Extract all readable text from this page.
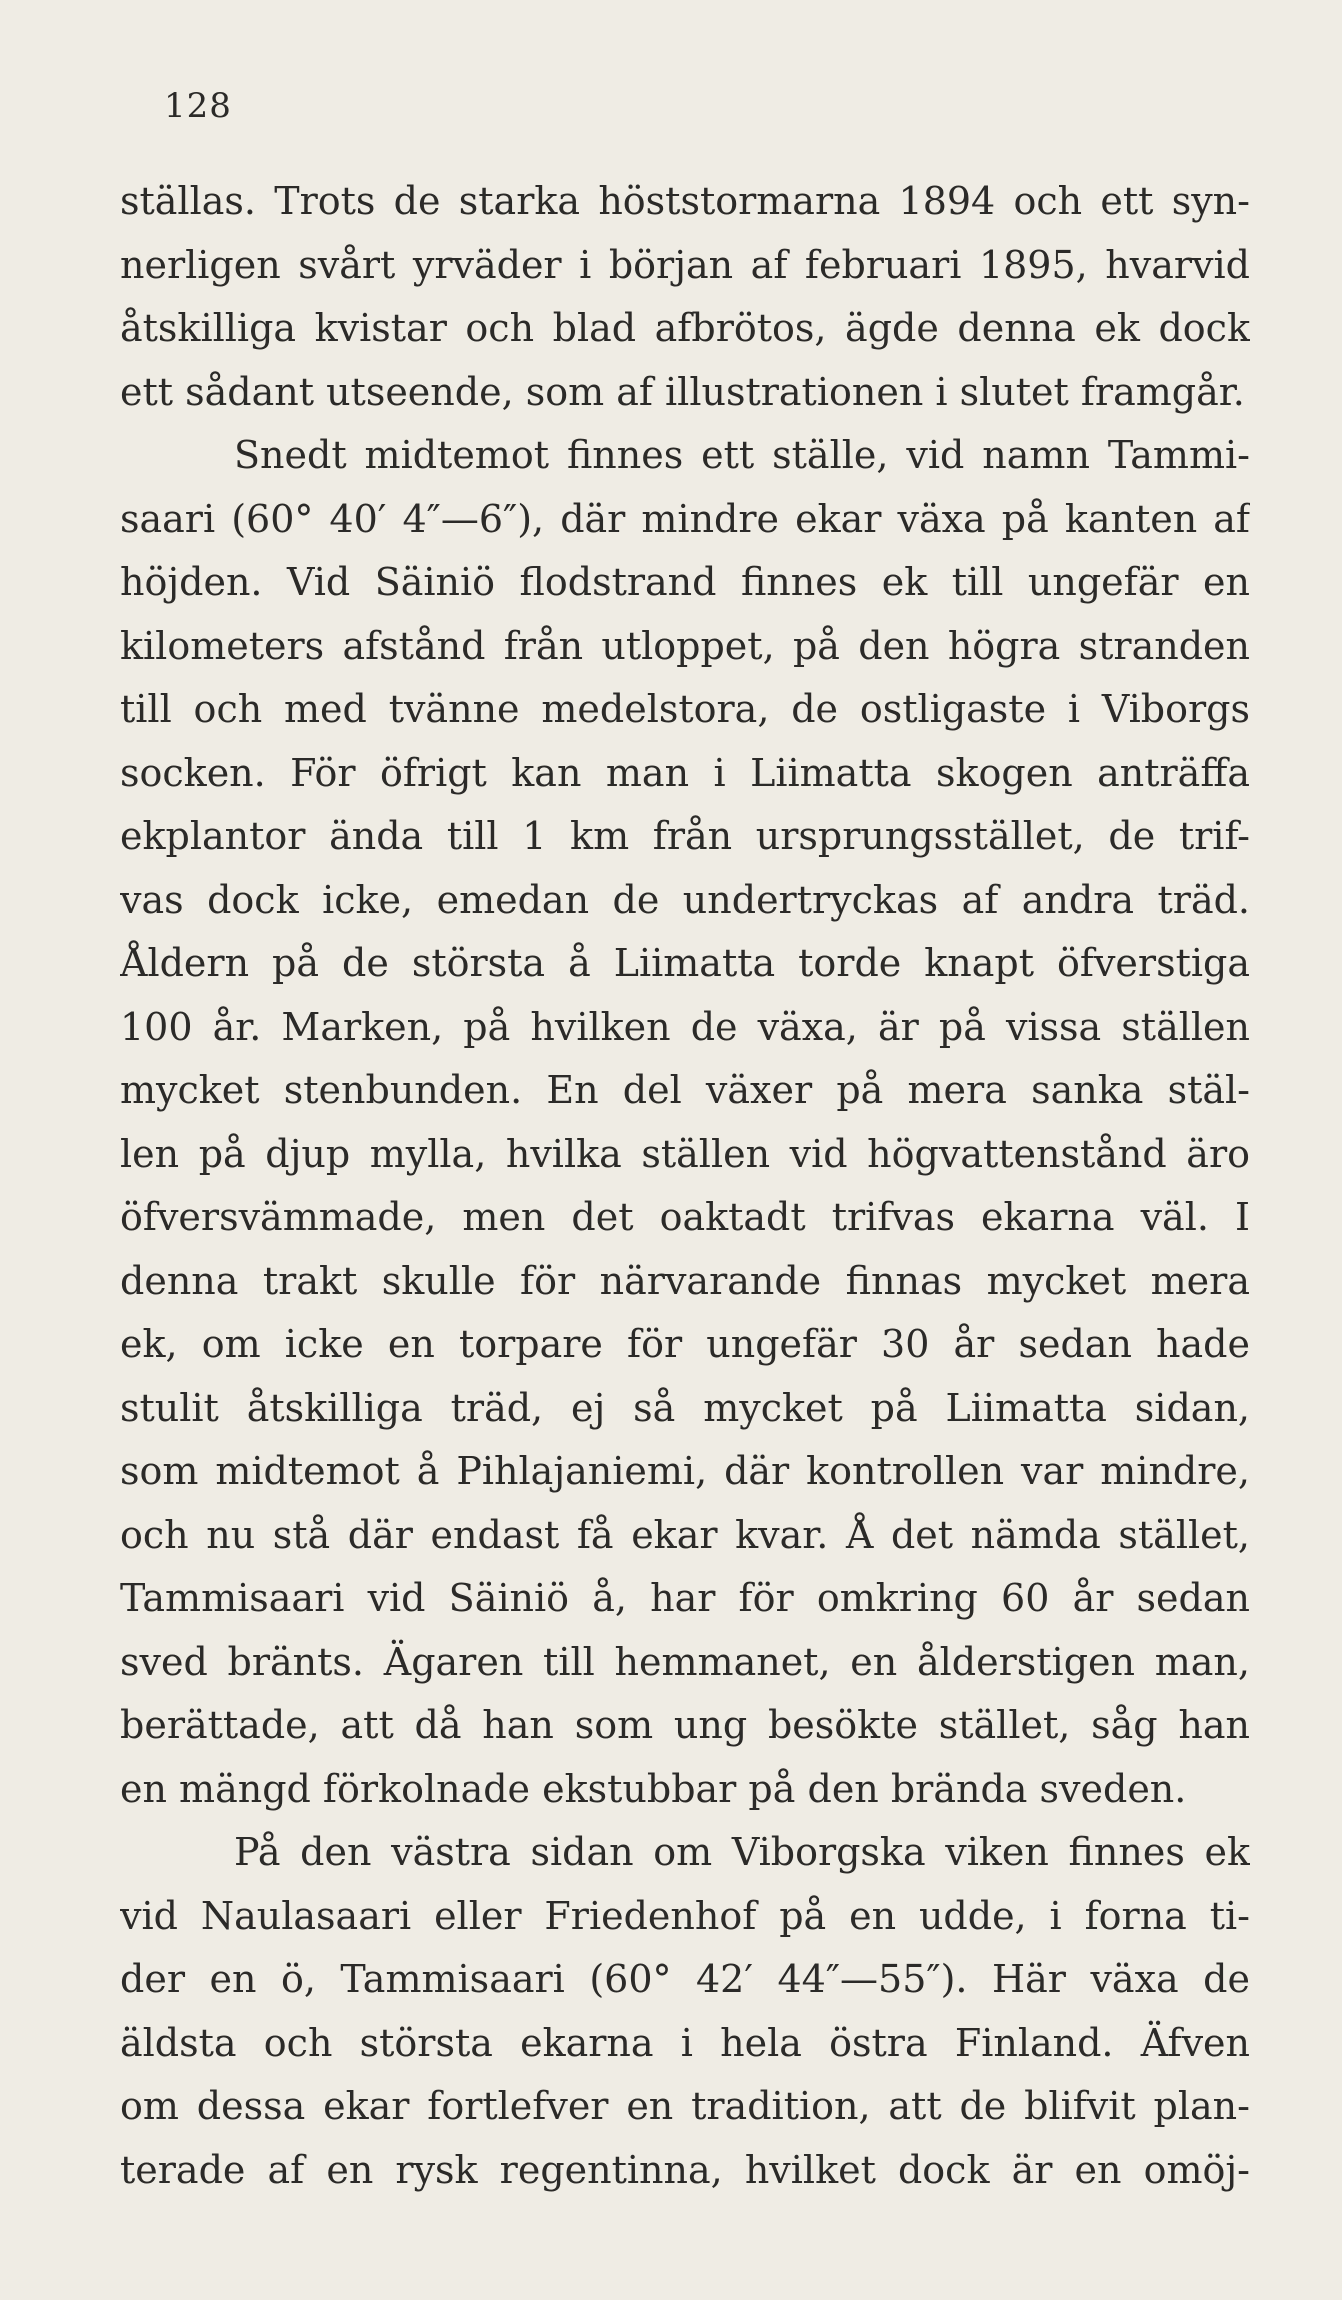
128
ställas. Trots de starka höststormarna 1894 och ett syn-
nerligen svårt yrväder i början af februari 1895, hvarvid
åtskilliga kvistar och blad afbrötos, ägde denna ek dock
ett sådant utseende, som af illustrationen i slutet framgår.
Snedt midtemot finnes ett ställe, vid namn Tammi-
saari (60° 40′ 4″—6″), där mindre ekar växa på kanten af
höjden. Vid Säiniö flodstrand finnes ek till ungefär en
kilometers afstånd från utloppet, på den högra stranden
till och med tvänne medelstora, de ostligaste i Viborgs
socken. För öfrigt kan man i Liimatta skogen anträffa
ekplantor ända till 1 km från ursprungsstället, de trif-
vas dock icke, emedan de undertryckas af andra träd.
Åldern på de största å Liimatta torde knapt öfverstiga
100 år. Marken, på hvilken de växa, är på vissa ställen
mycket stenbunden. En del växer på mera sanka stäl-
len på djup mylla, hvilka ställen vid högvattenstånd äro
öfversvämmade, men det oaktadt trifvas ekarna väl. I
denna trakt skulle för närvarande finnas mycket mera
ek, om icke en torpare för ungefär 30 år sedan hade
stulit åtskilliga träd, ej så mycket på Liimatta sidan,
som midtemot å Pihlajaniemi, där kontrollen var mindre,
och nu stå där endast få ekar kvar. Å det nämda stället,
Tammisaari vid Säiniö å, har för omkring 60 år sedan
sved bränts. Ägaren till hemmanet, en ålderstigen man,
berättade, att då han som ung besökte stället, såg han
en mängd förkolnade ekstubbar på den brända sveden.
På den västra sidan om Viborgska viken finnes ek
vid Naulasaari eller Friedenhof på en udde, i forna ti-
der en ö, Tammisaari (60° 42′ 44″—55″). Här växa de
äldsta och största ekarna i hela östra Finland. Äfven
om dessa ekar fortlefver en tradition, att de blifvit plan-
terade af en rysk regentinna, hvilket dock är en omöj-
